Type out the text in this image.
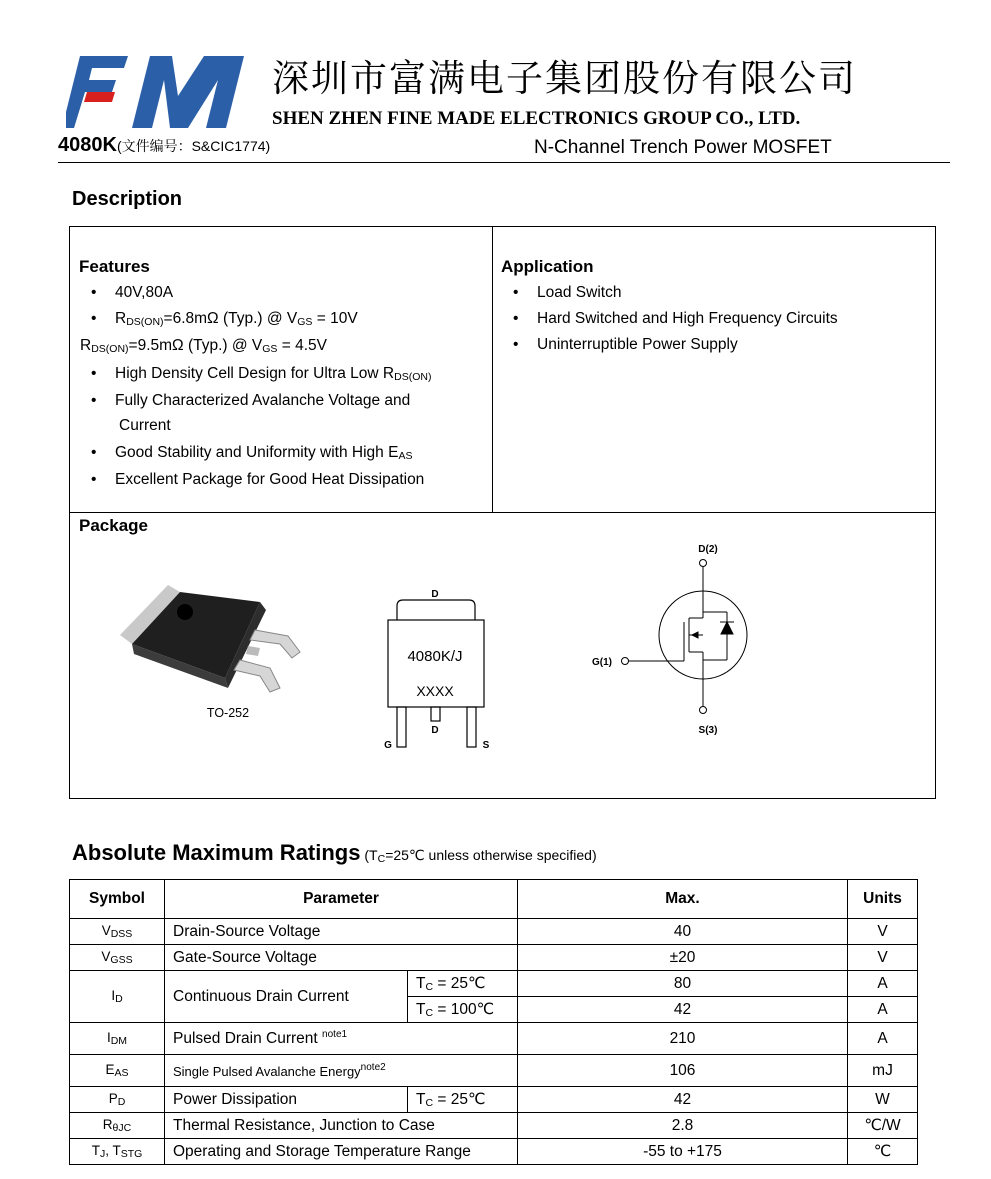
深圳市富满电子集团股份有限公司
SHEN ZHEN FINE MADE ELECTRONICS GROUP CO., LTD.
4080K(文件编号：S&CIC1774)	N-Channel Trench Power MOSFET
Description
Features
• 40V,80A
• $R_{DS(ON)}=6.8m\Omega$ (Typ.) @ $V_{GS} = 10V$
$R_{DS(ON)}=9.5m\Omega$ (Typ.) @ $V_{GS} = 4.5V$
• High Density Cell Design for Ultra Low $R_{DS(ON)}$
• Fully Characterized Avalanche Voltage and
Current
• Good Stability and Uniformity with High $E_{AS}$
• Excellent Package for Good Heat Dissipation
Application
• Load Switch
• Hard Switched and High Frequency Circuits
• Uninterruptible Power Supply
Package
TO-252
D
4080K/J
XXXX
G
D
S
D(2)
G(1)
S(3)
Absolute Maximum Ratings ($T_C=25℃$ unless otherwise specified)
Symbol	Parameter		Max.	Units
$V_{DSS}$	Drain-Source Voltage		40	V
$V_{GSS}$	Gate-Source Voltage		±20	V
$I_D$	Continuous Drain Current	$T_C$ = 25℃	80	A
		$T_C$ = 100℃	42	A
$I_{DM}$	Pulsed Drain Current $^{note1}$		210	A
$E_{AS}$	Single Pulsed Avalanche Energy$^{note2}$		106	mJ
$P_D$	Power Dissipation	$T_C$ = 25℃	42	W
$R_{\theta JC}$	Thermal Resistance, Junction to Case		2.8	℃/W
$T_J$, $T_{STG}$	Operating and Storage Temperature Range		-55 to +175	℃
